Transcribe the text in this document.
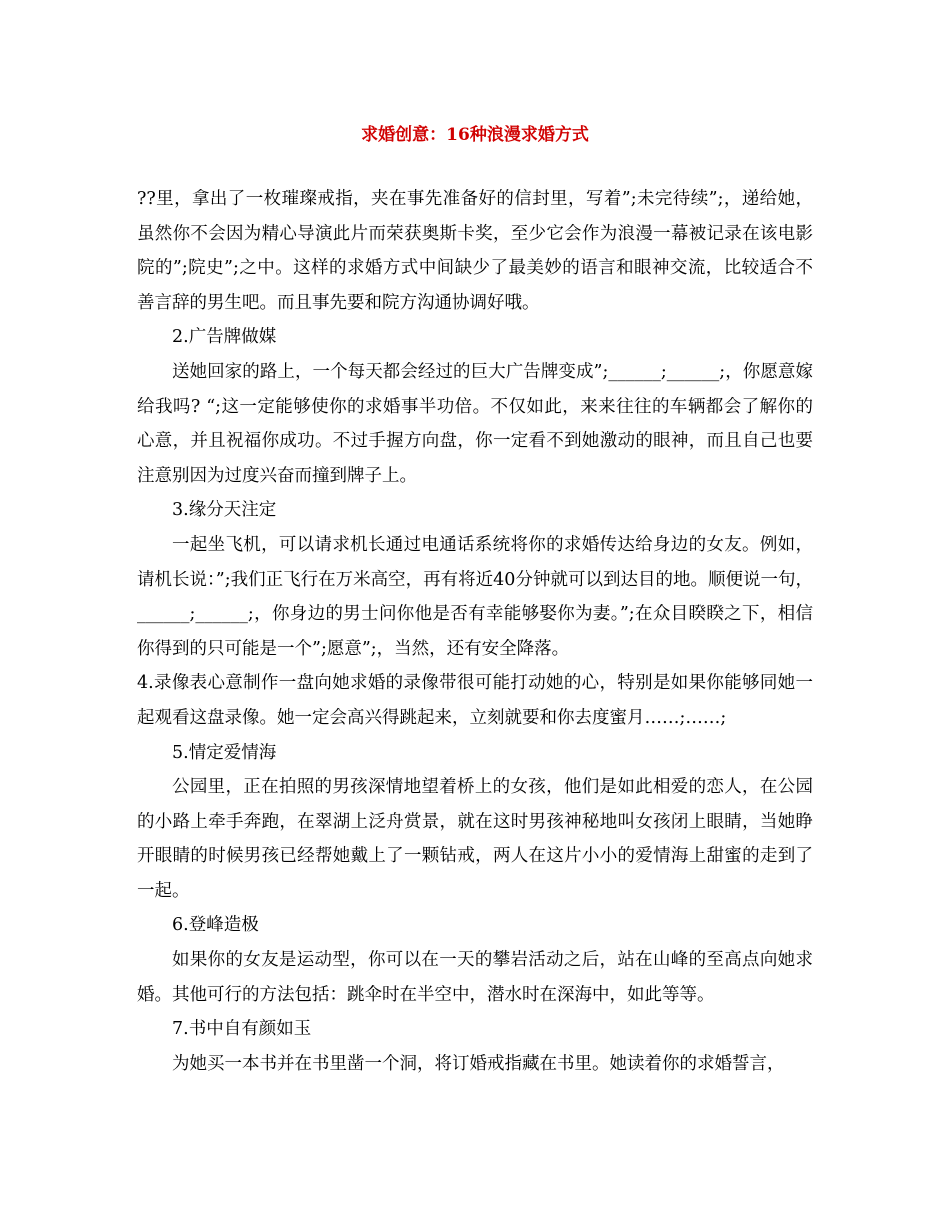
求婚创意：16种浪漫求婚方式

??里，拿出了一枚璀璨戒指，夹在事先准备好的信封里，写着”;未完待续”;，递给她，虽然你不会因为精心导演此片而荣获奥斯卡奖，至少它会作为浪漫一幕被记录在该电影院的”;院史”;之中。这样的求婚方式中间缺少了最美妙的语言和眼神交流，比较适合不善言辞的男生吧。而且事先要和院方沟通协调好哦。

2.广告牌做媒

送她回家的路上，一个每天都会经过的巨大广告牌变成”;______;______;，你愿意嫁给我吗? “;这一定能够使你的求婚事半功倍。不仅如此，来来往往的车辆都会了解你的心意，并且祝福你成功。不过手握方向盘，你一定看不到她激动的眼神，而且自己也要注意别因为过度兴奋而撞到牌子上。

3.缘分天注定

一起坐飞机，可以请求机长通过电通话系统将你的求婚传达给身边的女友。例如，请机长说：”;我们正飞行在万米高空，再有将近40分钟就可以到达目的地。顺便说一句，______;______;，你身边的男士问你他是否有幸能够娶你为妻。”;在众目睽睽之下，相信你得到的只可能是一个”;愿意”;，当然，还有安全降落。

4.录像表心意制作一盘向她求婚的录像带很可能打动她的心，特别是如果你能够同她一起观看这盘录像。她一定会高兴得跳起来，立刻就要和你去度蜜月……;……;

5.情定爱情海

公园里，正在拍照的男孩深情地望着桥上的女孩，他们是如此相爱的恋人，在公园的小路上牵手奔跑，在翠湖上泛舟赏景，就在这时男孩神秘地叫女孩闭上眼睛，当她睁开眼睛的时候男孩已经帮她戴上了一颗钻戒，两人在这片小小的爱情海上甜蜜的走到了一起。

6.登峰造极

如果你的女友是运动型，你可以在一天的攀岩活动之后，站在山峰的至高点向她求婚。其他可行的方法包括：跳伞时在半空中，潜水时在深海中，如此等等。

7.书中自有颜如玉

为她买一本书并在书里凿一个洞，将订婚戒指藏在书里。她读着你的求婚誓言，
